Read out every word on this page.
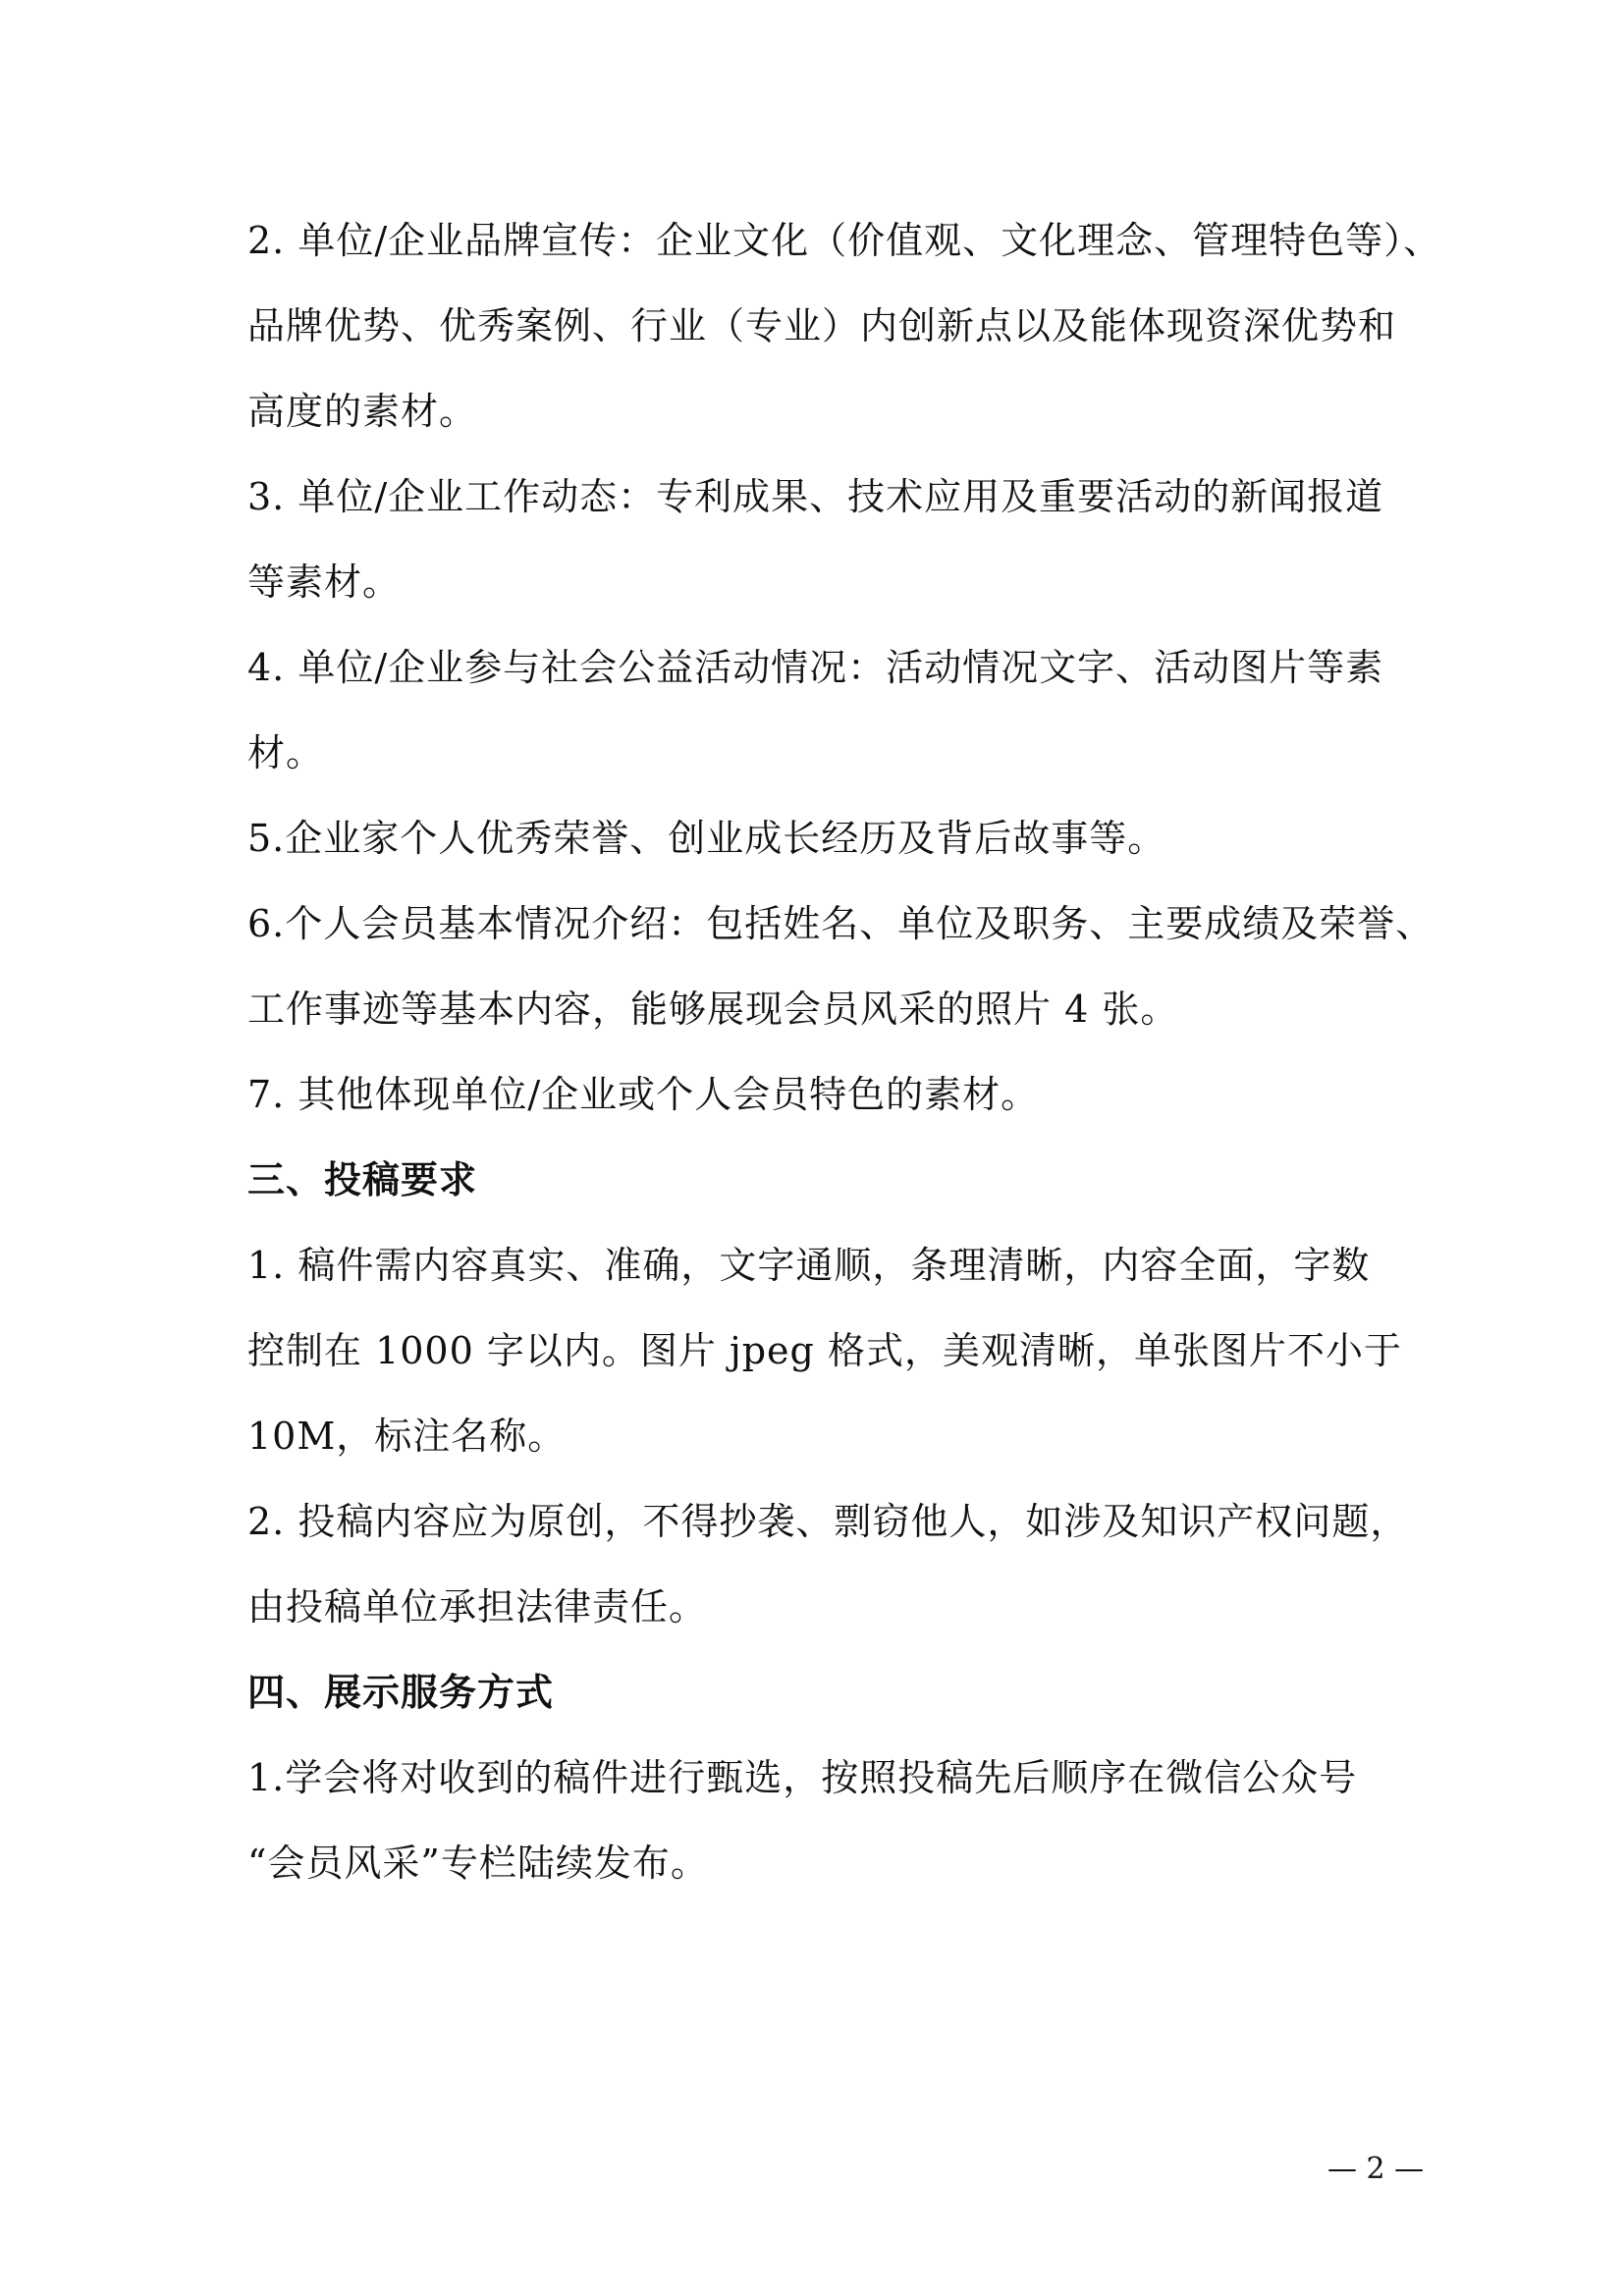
2. 单位/企业品牌宣传：企业文化（价值观、文化理念、管理特色等）、
品牌优势、优秀案例、行业（专业）内创新点以及能体现资深优势和
高度的素材。
3. 单位/企业工作动态：专利成果、技术应用及重要活动的新闻报道
等素材。
4. 单位/企业参与社会公益活动情况：活动情况文字、活动图片等素
材。
5.企业家个人优秀荣誉、创业成长经历及背后故事等。
6.个人会员基本情况介绍：包括姓名、单位及职务、主要成绩及荣誉、
工作事迹等基本内容，能够展现会员风采的照片 4 张。
7. 其他体现单位/企业或个人会员特色的素材。
三、投稿要求
1. 稿件需内容真实、准确，文字通顺，条理清晰，内容全面，字数
控制在 1000 字以内。图片 jpeg 格式，美观清晰，单张图片不小于
10M，标注名称。
2. 投稿内容应为原创，不得抄袭、剽窃他人，如涉及知识产权问题，
由投稿单位承担法律责任。
四、展示服务方式
1.学会将对收到的稿件进行甄选，按照投稿先后顺序在微信公众号
“会员风采”专栏陆续发布。
— 2 —
